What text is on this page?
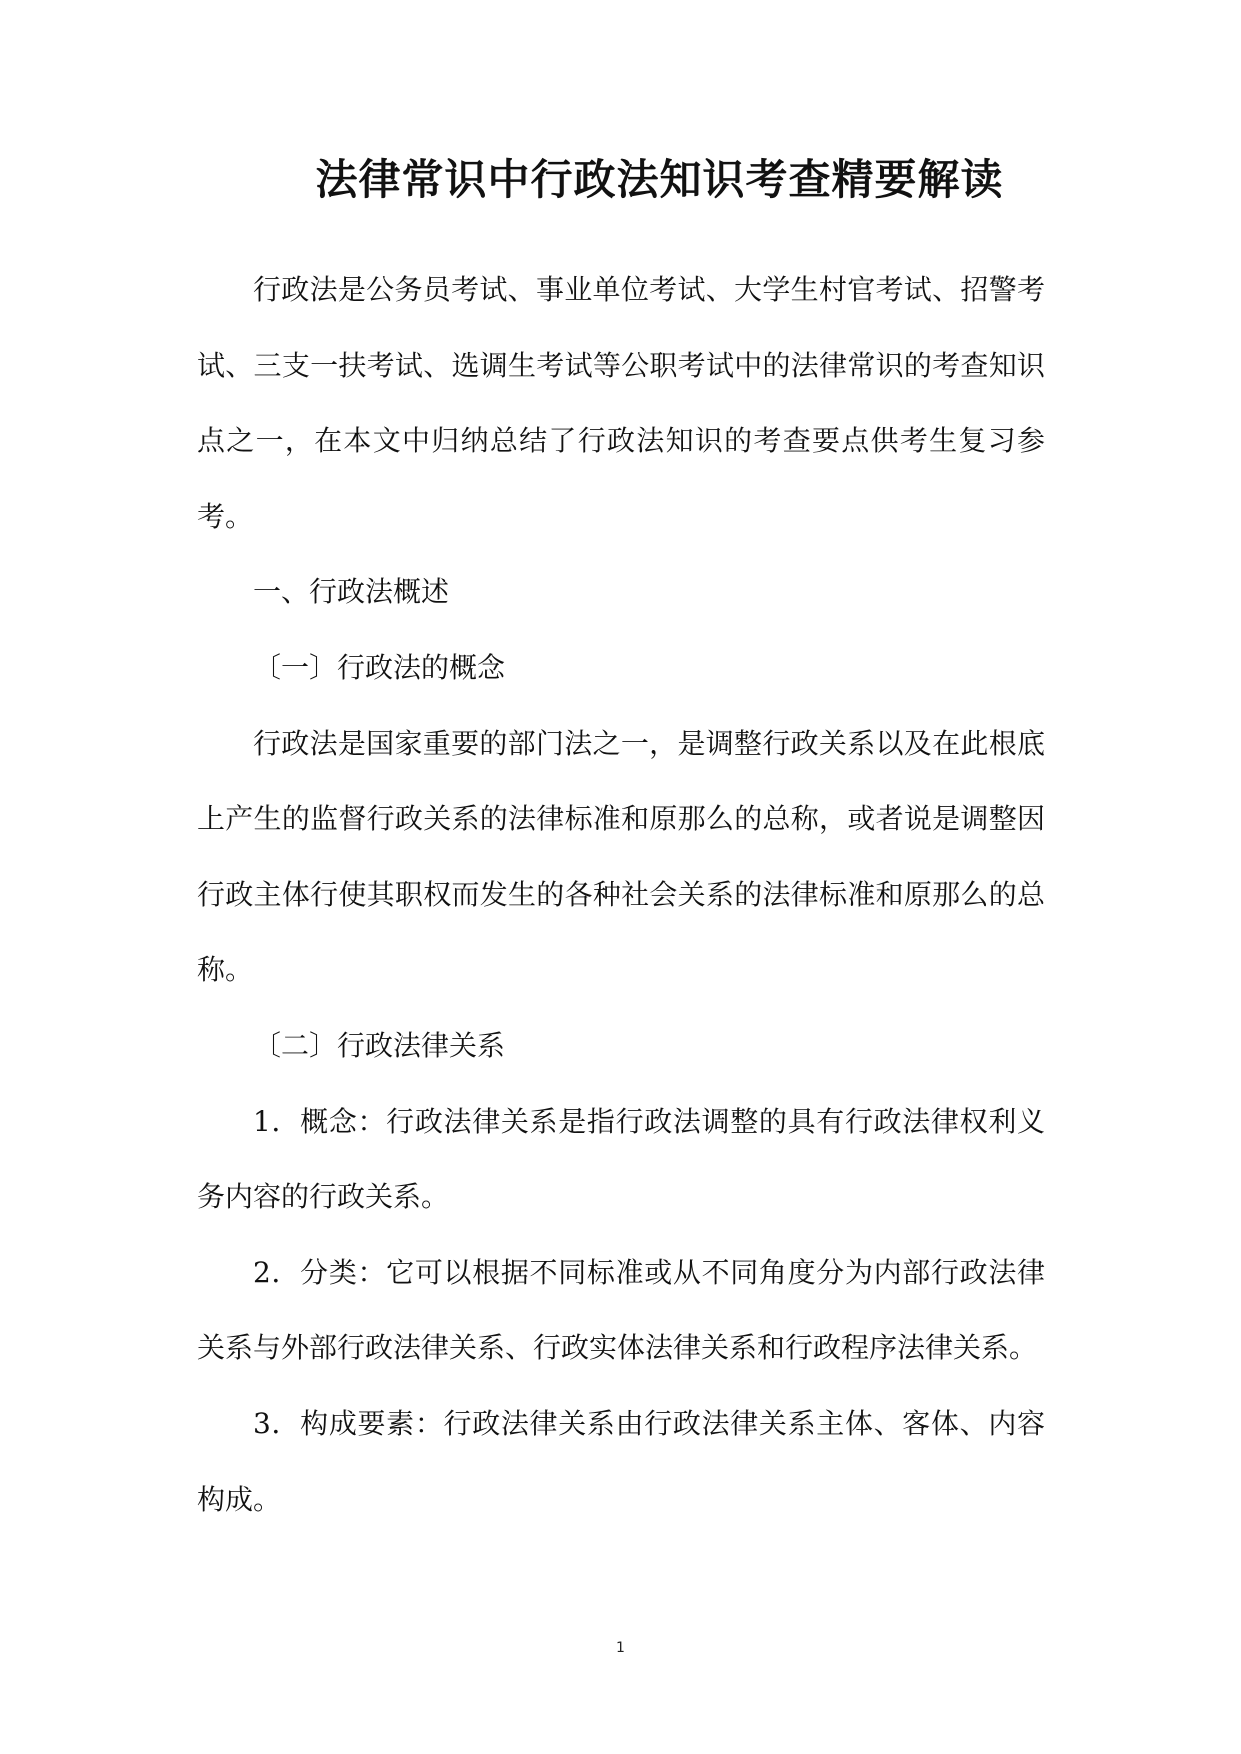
法律常识中行政法知识考查精要解读

行政法是公务员考试、事业单位考试、大学生村官考试、招警考试、三支一扶考试、选调生考试等公职考试中的法律常识的考查知识点之一，在本文中归纳总结了行政法知识的考查要点供考生复习参考。

一、行政法概述

〔一〕行政法的概念

行政法是国家重要的部门法之一，是调整行政关系以及在此根底上产生的监督行政关系的法律标准和原那么的总称，或者说是调整因行政主体行使其职权而发生的各种社会关系的法律标准和原那么的总称。

〔二〕行政法律关系

1．概念：行政法律关系是指行政法调整的具有行政法律权利义务内容的行政关系。

2．分类：它可以根据不同标准或从不同角度分为内部行政法律关系与外部行政法律关系、行政实体法律关系和行政程序法律关系。

3．构成要素：行政法律关系由行政法律关系主体、客体、内容构成。

1
